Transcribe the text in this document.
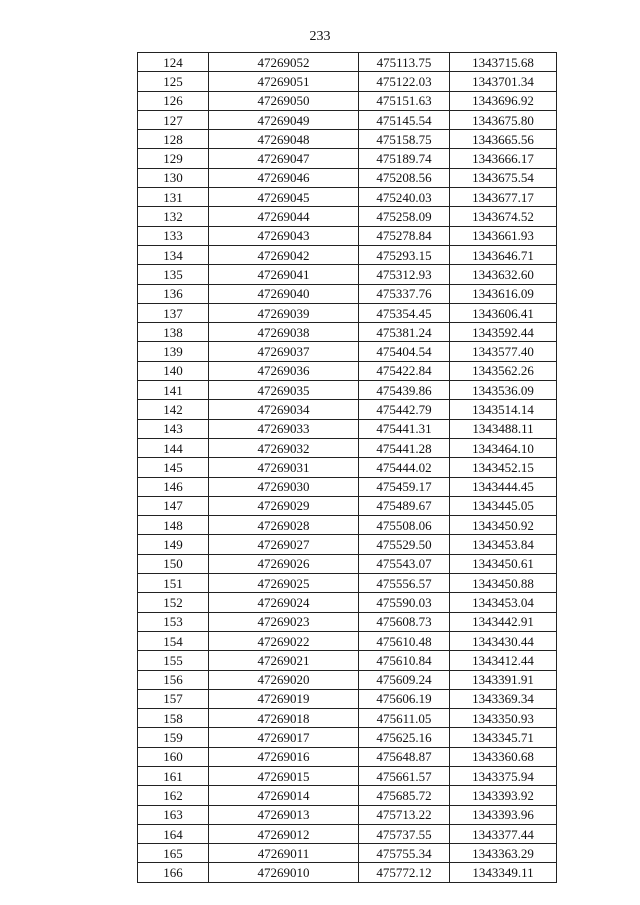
233
124	47269052	475113.75	1343715.68
125	47269051	475122.03	1343701.34
126	47269050	475151.63	1343696.92
127	47269049	475145.54	1343675.80
128	47269048	475158.75	1343665.56
129	47269047	475189.74	1343666.17
130	47269046	475208.56	1343675.54
131	47269045	475240.03	1343677.17
132	47269044	475258.09	1343674.52
133	47269043	475278.84	1343661.93
134	47269042	475293.15	1343646.71
135	47269041	475312.93	1343632.60
136	47269040	475337.76	1343616.09
137	47269039	475354.45	1343606.41
138	47269038	475381.24	1343592.44
139	47269037	475404.54	1343577.40
140	47269036	475422.84	1343562.26
141	47269035	475439.86	1343536.09
142	47269034	475442.79	1343514.14
143	47269033	475441.31	1343488.11
144	47269032	475441.28	1343464.10
145	47269031	475444.02	1343452.15
146	47269030	475459.17	1343444.45
147	47269029	475489.67	1343445.05
148	47269028	475508.06	1343450.92
149	47269027	475529.50	1343453.84
150	47269026	475543.07	1343450.61
151	47269025	475556.57	1343450.88
152	47269024	475590.03	1343453.04
153	47269023	475608.73	1343442.91
154	47269022	475610.48	1343430.44
155	47269021	475610.84	1343412.44
156	47269020	475609.24	1343391.91
157	47269019	475606.19	1343369.34
158	47269018	475611.05	1343350.93
159	47269017	475625.16	1343345.71
160	47269016	475648.87	1343360.68
161	47269015	475661.57	1343375.94
162	47269014	475685.72	1343393.92
163	47269013	475713.22	1343393.96
164	47269012	475737.55	1343377.44
165	47269011	475755.34	1343363.29
166	47269010	475772.12	1343349.11
